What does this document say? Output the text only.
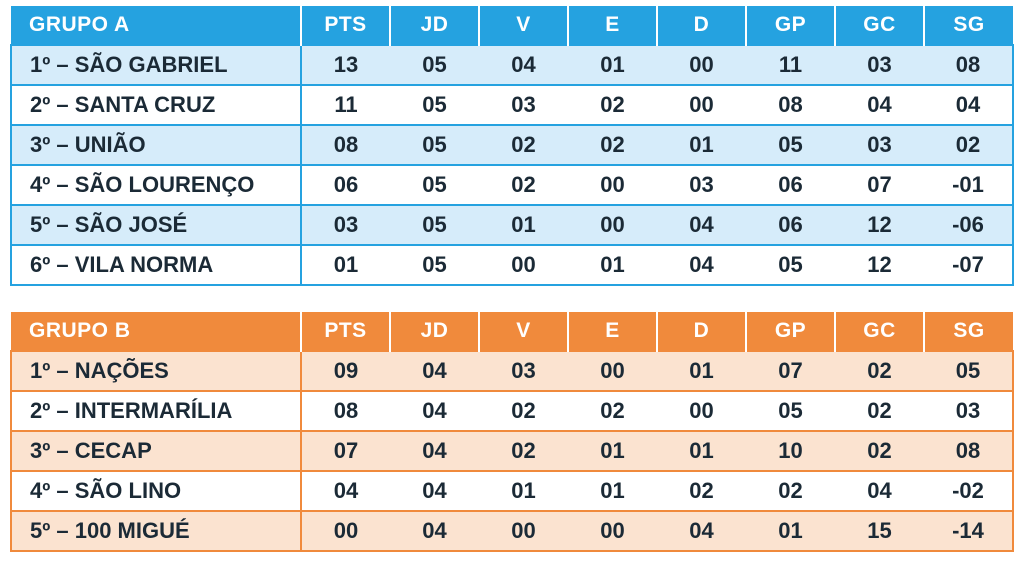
GRUPO A	PTS	JD	V	E	D	GP	GC	SG
1º – SÃO GABRIEL	13	05	04	01	00	11	03	08
2º – SANTA CRUZ	11	05	03	02	00	08	04	04
3º – UNIÃO	08	05	02	02	01	05	03	02
4º – SÃO LOURENÇO	06	05	02	00	03	06	07	-01
5º – SÃO JOSÉ	03	05	01	00	04	06	12	-06
6º – VILA NORMA	01	05	00	01	04	05	12	-07
GRUPO B	PTS	JD	V	E	D	GP	GC	SG
1º – NAÇÕES	09	04	03	00	01	07	02	05
2º – INTERMARÍLIA	08	04	02	02	00	05	02	03
3º – CECAP	07	04	02	01	01	10	02	08
4º – SÃO LINO	04	04	01	01	02	02	04	-02
5º – 100 MIGUÉ	00	04	00	00	04	01	15	-14
